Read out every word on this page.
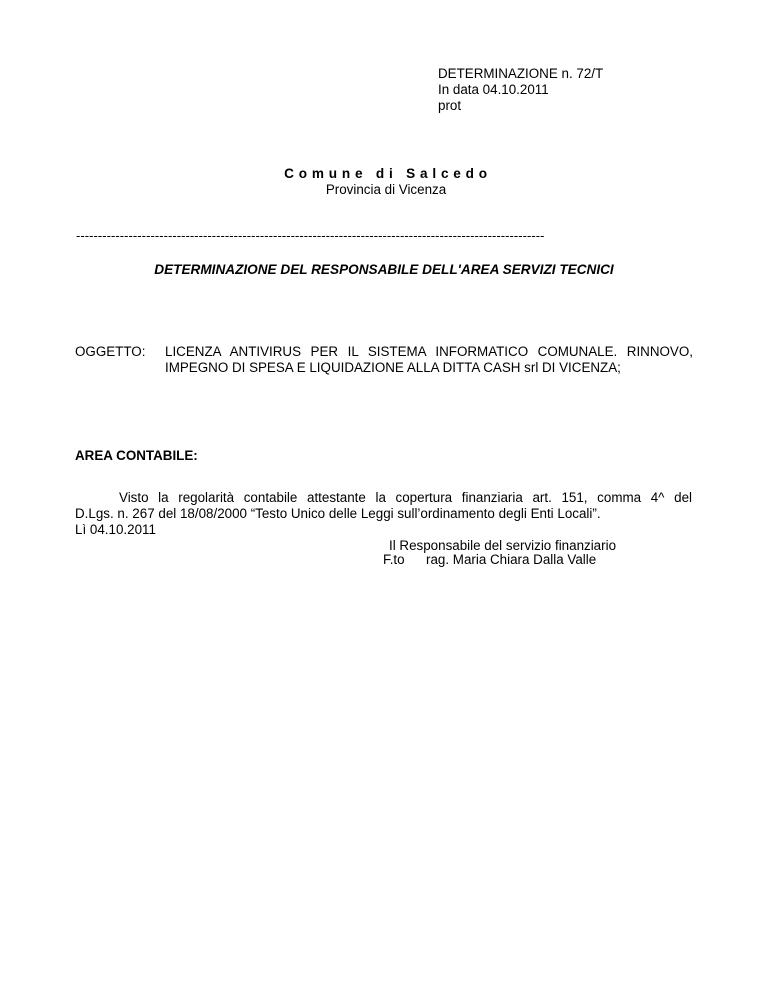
DETERMINAZIONE n. 72/T
In data 04.10.2011
prot
Comune di Salcedo
Provincia di Vicenza
-----------------------------------------------------------------------------------------------------------
DETERMINAZIONE DEL RESPONSABILE DELL'AREA SERVIZI TECNICI
OGGETTO: LICENZA ANTIVIRUS PER IL SISTEMA INFORMATICO COMUNALE. RINNOVO,
IMPEGNO DI SPESA E LIQUIDAZIONE ALLA DITTA CASH srl DI VICENZA;
AREA CONTABILE:
Visto la regolarità contabile attestante la copertura finanziaria art. 151, comma 4^ del
D.Lgs. n. 267 del 18/08/2000 “Testo Unico delle Leggi sull’ordinamento degli Enti Locali”.
Lì 04.10.2011
Il Responsabile del servizio finanziario
F.to rag. Maria Chiara Dalla Valle
